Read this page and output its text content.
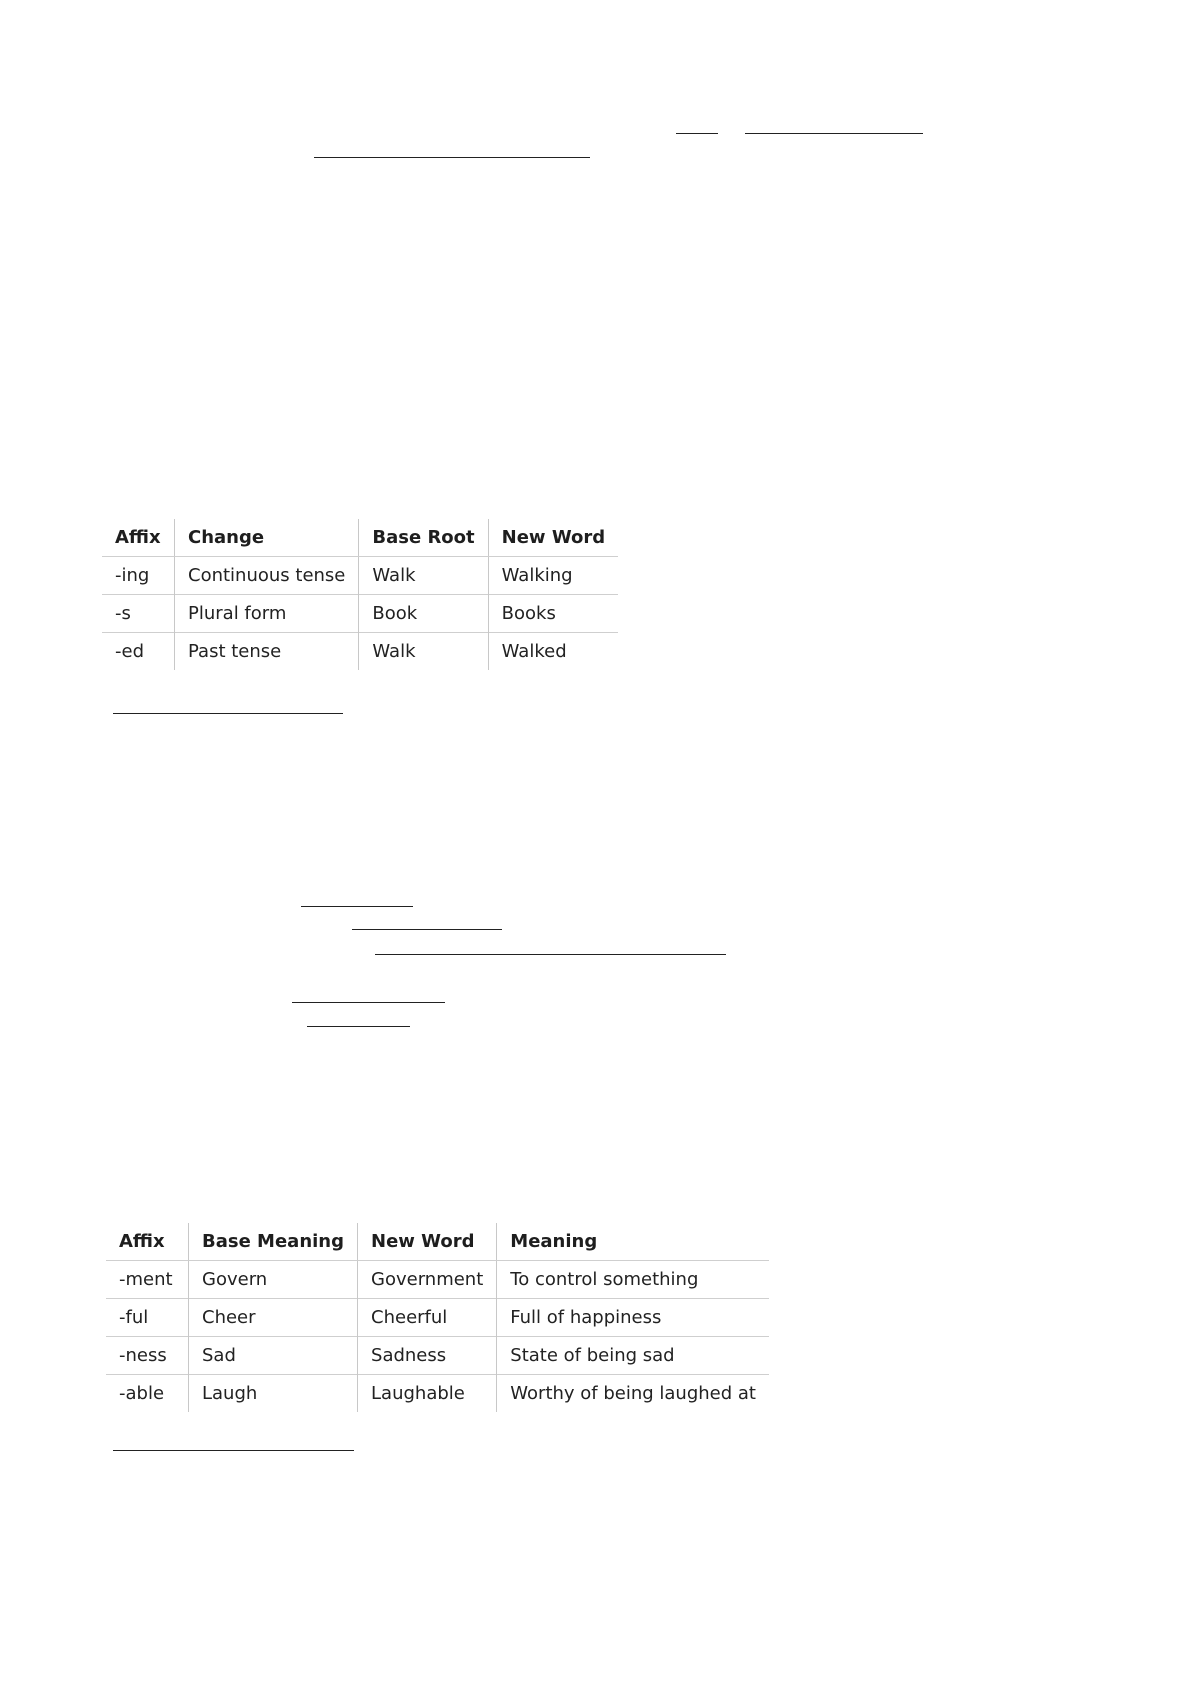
Affix	Change	Base Root	New Word
-ing	Continuous tense	Walk	Walking
-s	Plural form	Book	Books
-ed	Past tense	Walk	Walked
Affix	Base Meaning	New Word	Meaning
-ment	Govern	Government	To control something
-ful	Cheer	Cheerful	Full of happiness
-ness	Sad	Sadness	State of being sad
-able	Laugh	Laughable	Worthy of being laughed at
